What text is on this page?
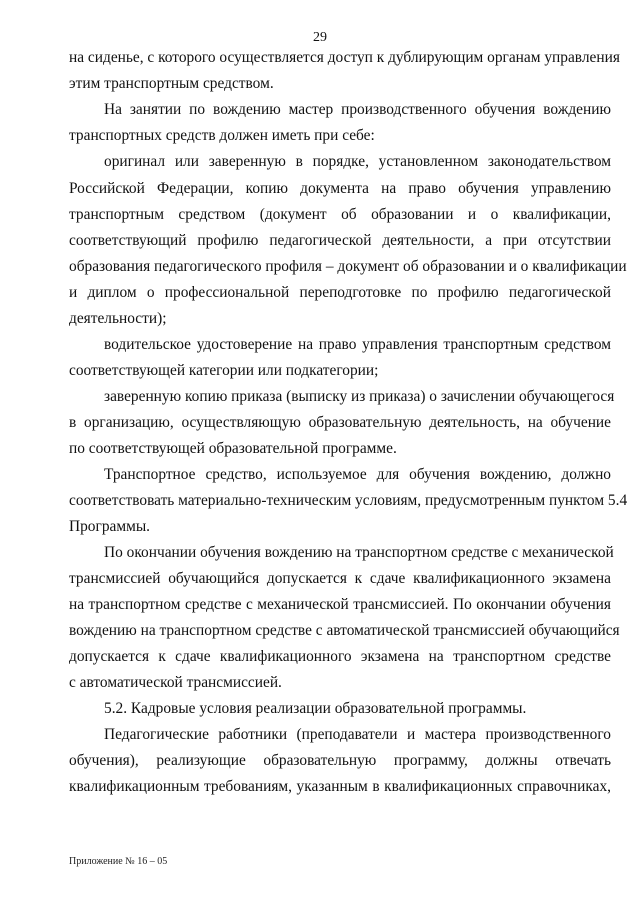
29
на сиденье, с которого осуществляется доступ к дублирующим органам управления
этим транспортным средством.
На занятии по вождению мастер производственного обучения вождению
транспортных средств должен иметь при себе:
оригинал или заверенную в порядке, установленном законодательством
Российской Федерации, копию документа на право обучения управлению
транспортным средством (документ об образовании и о квалификации,
соответствующий профилю педагогической деятельности, а при отсутствии
образования педагогического профиля – документ об образовании и о квалификации
и диплом о профессиональной переподготовке по профилю педагогической
деятельности);
водительское удостоверение на право управления транспортным средством
соответствующей категории или подкатегории;
заверенную копию приказа (выписку из приказа) о зачислении обучающегося
в организацию, осуществляющую образовательную деятельность, на обучение
по соответствующей образовательной программе.
Транспортное средство, используемое для обучения вождению, должно
соответствовать материально-техническим условиям, предусмотренным пунктом 5.4
Программы.
По окончании обучения вождению на транспортном средстве с механической
трансмиссией обучающийся допускается к сдаче квалификационного экзамена
на транспортном средстве с механической трансмиссией. По окончании обучения
вождению на транспортном средстве с автоматической трансмиссией обучающийся
допускается к сдаче квалификационного экзамена на транспортном средстве
с автоматической трансмиссией.
5.2. Кадровые условия реализации образовательной программы.
Педагогические работники (преподаватели и мастера производственного
обучения), реализующие образовательную программу, должны отвечать
квалификационным требованиям, указанным в квалификационных справочниках,
Приложение № 16 – 05
